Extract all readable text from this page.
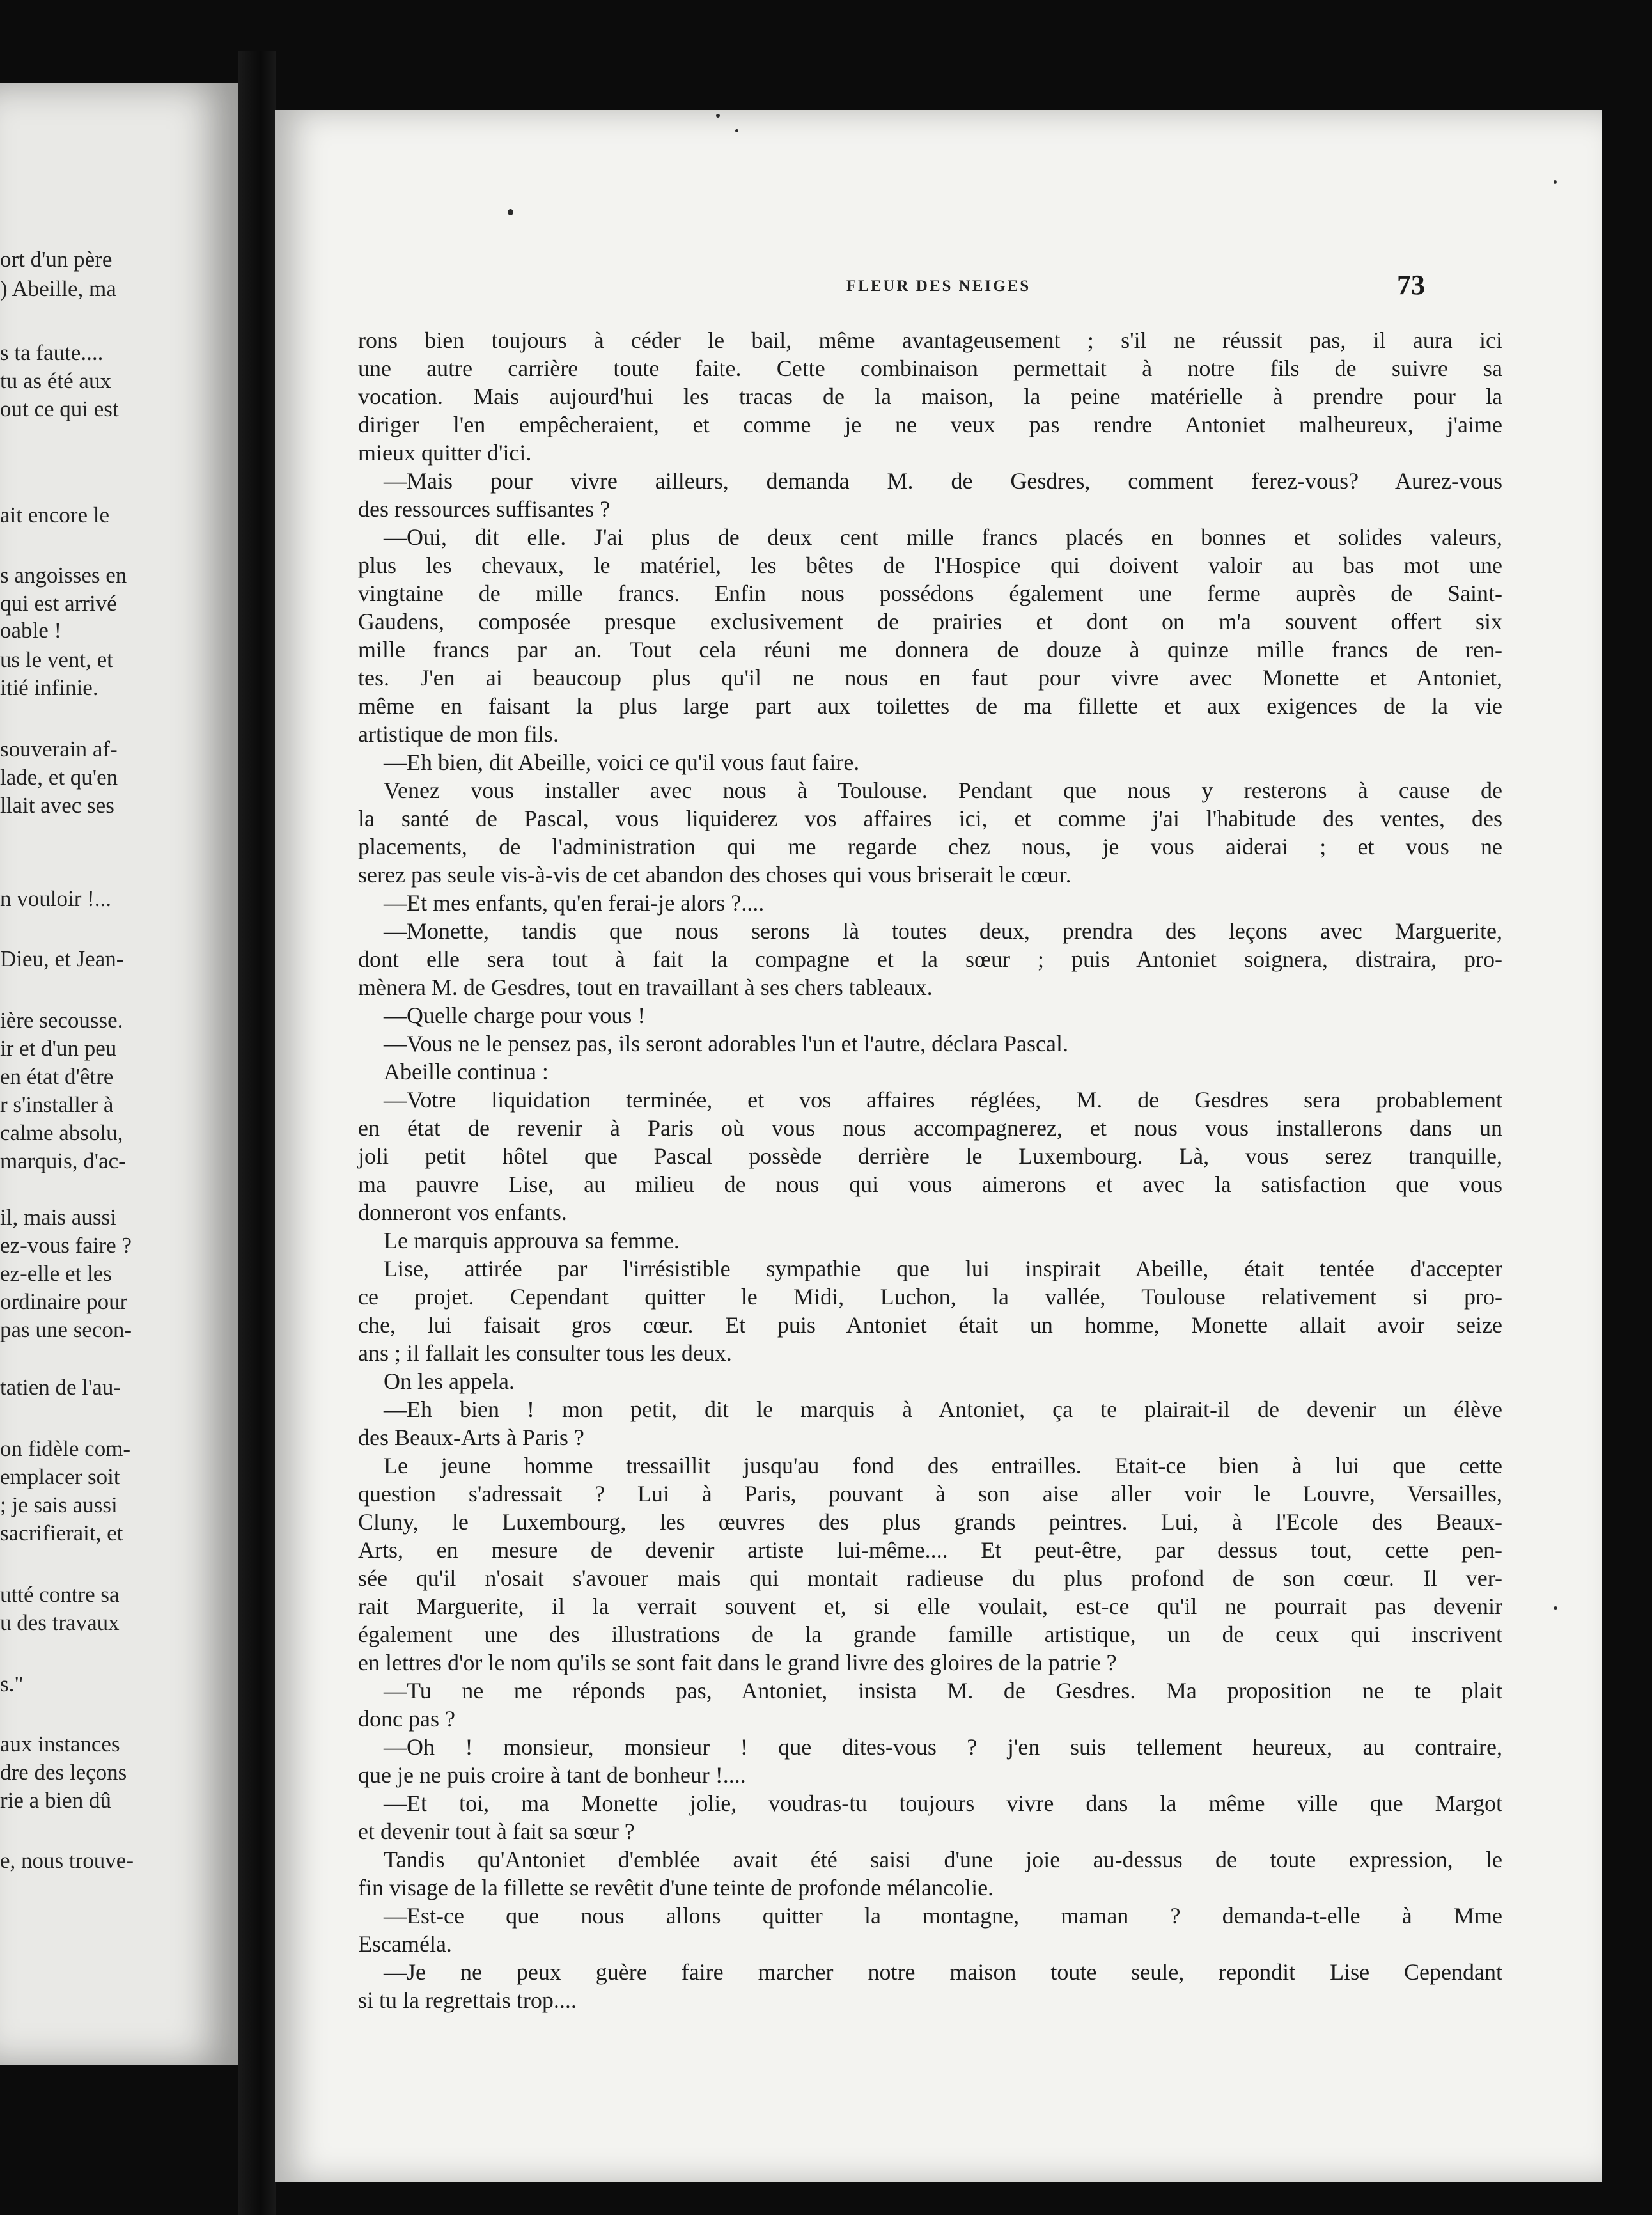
ort d'un père
) Abeille, ma
s ta faute....
tu as été aux
out ce qui est
ait encore le
s angoisses en
qui est arrivé
oable !
us le vent, et
itié infinie.
souverain af-
lade, et qu'en
llait avec ses
n vouloir !...
Dieu, et Jean-
ière secousse.
ir et d'un peu
en état d'être
r s'installer à
calme absolu,
marquis, d'ac-
il, mais aussi
ez-vous faire ?
ez-elle et les
ordinaire pour
pas une secon-
tatien de l'au-
on fidèle com-
emplacer soit
; je sais aussi
sacrifierait, et
utté contre sa
u des travaux
s."
aux instances
dre des leçons
rie a bien dû
e, nous trouve-
FLEUR DES NEIGES	73
rons bien toujours à céder le bail, même avantageusement ; s'il ne réussit pas, il aura ici
une autre carrière toute faite. Cette combinaison permettait à notre fils de suivre sa
vocation. Mais aujourd'hui les tracas de la maison, la peine matérielle à prendre pour la
diriger l'en empêcheraient, et comme je ne veux pas rendre Antoniet malheureux, j'aime
mieux quitter d'ici.
—Mais pour vivre ailleurs, demanda M. de Gesdres, comment ferez-vous? Aurez-vous
des ressources suffisantes ?
—Oui, dit elle. J'ai plus de deux cent mille francs placés en bonnes et solides valeurs,
plus les chevaux, le matériel, les bêtes de l'Hospice qui doivent valoir au bas mot une
vingtaine de mille francs. Enfin nous possédons également une ferme auprès de Saint-
Gaudens, composée presque exclusivement de prairies et dont on m'a souvent offert six
mille francs par an. Tout cela réuni me donnera de douze à quinze mille francs de ren-
tes. J'en ai beaucoup plus qu'il ne nous en faut pour vivre avec Monette et Antoniet,
même en faisant la plus large part aux toilettes de ma fillette et aux exigences de la vie
artistique de mon fils.
—Eh bien, dit Abeille, voici ce qu'il vous faut faire.
Venez vous installer avec nous à Toulouse. Pendant que nous y resterons à cause de
la santé de Pascal, vous liquiderez vos affaires ici, et comme j'ai l'habitude des ventes, des
placements, de l'administration qui me regarde chez nous, je vous aiderai ; et vous ne
serez pas seule vis-à-vis de cet abandon des choses qui vous briserait le cœur.
—Et mes enfants, qu'en ferai-je alors ?....
—Monette, tandis que nous serons là toutes deux, prendra des leçons avec Marguerite,
dont elle sera tout à fait la compagne et la sœur ; puis Antoniet soignera, distraira, pro-
mènera M. de Gesdres, tout en travaillant à ses chers tableaux.
—Quelle charge pour vous !
—Vous ne le pensez pas, ils seront adorables l'un et l'autre, déclara Pascal.
Abeille continua :
—Votre liquidation terminée, et vos affaires réglées, M. de Gesdres sera probablement
en état de revenir à Paris où vous nous accompagnerez, et nous vous installerons dans un
joli petit hôtel que Pascal possède derrière le Luxembourg. Là, vous serez tranquille,
ma pauvre Lise, au milieu de nous qui vous aimerons et avec la satisfaction que vous
donneront vos enfants.
Le marquis approuva sa femme.
Lise, attirée par l'irrésistible sympathie que lui inspirait Abeille, était tentée d'accepter
ce projet. Cependant quitter le Midi, Luchon, la vallée, Toulouse relativement si pro-
che, lui faisait gros cœur. Et puis Antoniet était un homme, Monette allait avoir seize
ans ; il fallait les consulter tous les deux.
On les appela.
—Eh bien ! mon petit, dit le marquis à Antoniet, ça te plairait-il de devenir un élève
des Beaux-Arts à Paris ?
Le jeune homme tressaillit jusqu'au fond des entrailles. Etait-ce bien à lui que cette
question s'adressait ? Lui à Paris, pouvant à son aise aller voir le Louvre, Versailles,
Cluny, le Luxembourg, les œuvres des plus grands peintres. Lui, à l'Ecole des Beaux-
Arts, en mesure de devenir artiste lui-même.... Et peut-être, par dessus tout, cette pen-
sée qu'il n'osait s'avouer mais qui montait radieuse du plus profond de son cœur. Il ver-
rait Marguerite, il la verrait souvent et, si elle voulait, est-ce qu'il ne pourrait pas devenir
également une des illustrations de la grande famille artistique, un de ceux qui inscrivent
en lettres d'or le nom qu'ils se sont fait dans le grand livre des gloires de la patrie ?
—Tu ne me réponds pas, Antoniet, insista M. de Gesdres. Ma proposition ne te plait
donc pas ?
—Oh ! monsieur, monsieur ! que dites-vous ? j'en suis tellement heureux, au contraire,
que je ne puis croire à tant de bonheur !....
—Et toi, ma Monette jolie, voudras-tu toujours vivre dans la même ville que Margot
et devenir tout à fait sa sœur ?
Tandis qu'Antoniet d'emblée avait été saisi d'une joie au-dessus de toute expression, le
fin visage de la fillette se revêtit d'une teinte de profonde mélancolie.
—Est-ce que nous allons quitter la montagne, maman ? demanda-t-elle à Mme
Escaméla.
—Je ne peux guère faire marcher notre maison toute seule, repondit Lise Cependant
si tu la regrettais trop....
